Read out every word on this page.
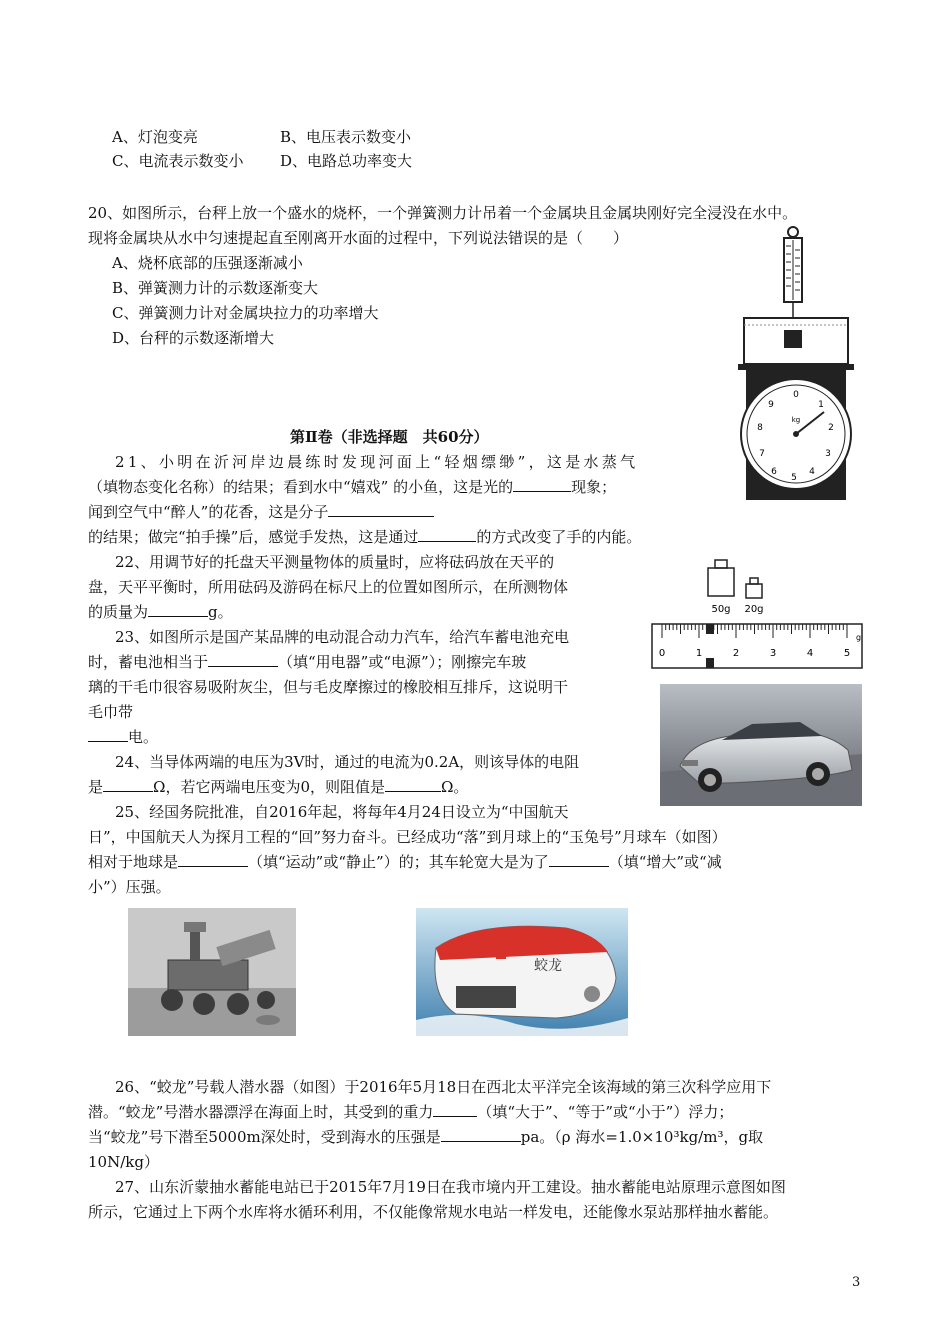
A、灯泡变亮	B、电压表示数变小
C、电流表示数变小 D、电路总功率变大
20、如图所示，台秤上放一个盛水的烧杯，一个弹簧测力计吊着一个金属块且金属块刚好完全浸没在水中。
现将金属块从水中匀速提起直至刚离开水面的过程中，下列说法错误的是（　　）
A、烧杯底部的压强逐渐减小
B、弹簧测力计的示数逐渐变大
C、弹簧测力计对金属块拉力的功率增大
D、台秤的示数逐渐增大
kg
0
1
2
3
4
5
6
7
8
9
第Ⅱ卷（非选择题　共60分）
21、小明在沂河岸边晨练时发现河面上“轻烟缥缈”，这是水蒸气
（填物态变化名称）的结果；看到水中“嬉戏” 的小鱼，这是光的	现象；
闻到空气中“醉人”的花香，这是分子
的结果；做完“拍手操”后，感觉手发热，这是通过	的方式改变了手的内能。
22、用调节好的托盘天平测量物体的质量时，应将砝码放在天平的
盘，天平平衡时，所用砝码及游码在标尺上的位置如图所示，在所测物体
的质量为	g。	50g 20g
0	1	2	3	4	5
g
23、如图所示是国产某品牌的电动混合动力汽车，给汽车蓄电池充电
时，蓄电池相当于	（填“用电器”或“电源”）；刚擦完车玻
璃的干毛巾很容易吸附灰尘，但与毛皮摩擦过的橡胶相互排斥，这说明干
毛巾带
电。
24、当导体两端的电压为3V时，通过的电流为0.2A，则该导体的电阻
是	Ω，若它两端电压变为0，则阻值是	Ω。
25、经国务院批准，自2016年起，将每年4月24日设立为“中国航天
日”，中国航天人为探月工程的“回”努力奋斗。已经成功“落”到月球上的“玉兔号”月球车（如图）
相对于地球是	（填“运动”或“静止”）的；其车轮宽大是为了	（填“增大”或“减
小”）压强。
蛟龙
26、“蛟龙”号载人潜水器（如图）于2016年5月18日在西北太平洋完全该海域的第三次科学应用下
潜。“蛟龙”号潜水器漂浮在海面上时，其受到的重力	（填“大于”、“等于”或“小于”）浮力；
当“蛟龙”号下潜至5000m深处时，受到海水的压强是	pa。（ρ 海水=1.0×10³kg/m³，g取
10N/kg）
27、山东沂蒙抽水蓄能电站已于2015年7月19日在我市境内开工建设。抽水蓄能电站原理示意图如图
所示，它通过上下两个水库将水循环利用，不仅能像常规水电站一样发电，还能像水泵站那样抽水蓄能。
3
